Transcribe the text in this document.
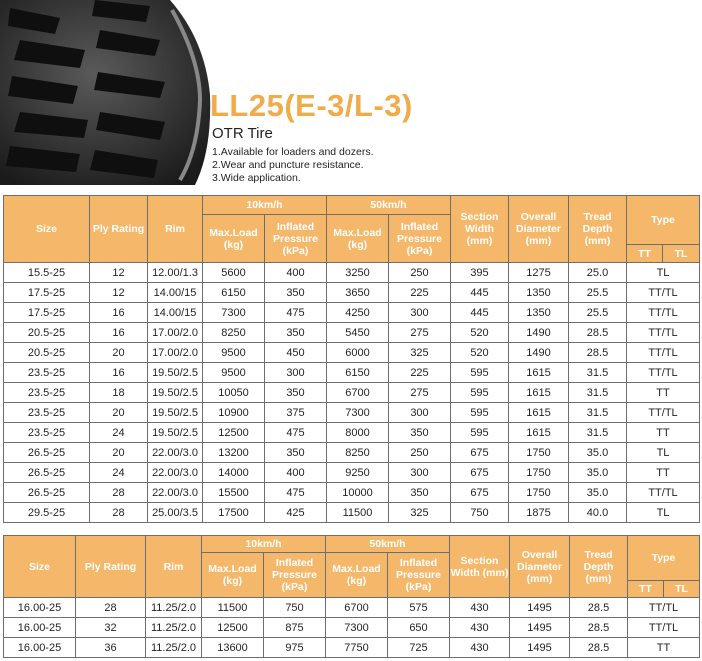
LL25(E-3/L-3)
OTR Tire
1.Available for loaders and dozers.
2.Wear and puncture resistance.
3.Wide application.
Size	Ply Rating	Rim	10km/h		50km/h		Section Width (mm)	Overall Diameter (mm)	Tread Depth (mm)	Type	
			Max.Load (kg)	Inflated Pressure (kPa)	Max.Load (kg)	Inflated Pressure (kPa)					
										TT	TL
15.5-25	12	12.00/1.3	5600	400	3250	250	395	1275	25.0	TL	
17.5-25	12	14.00/15	6150	350	3650	225	445	1350	25.5	TT/TL	
17.5-25	16	14.00/15	7300	475	4250	300	445	1350	25.5	TT/TL	
20.5-25	16	17.00/2.0	8250	350	5450	275	520	1490	28.5	TT/TL	
20.5-25	20	17.00/2.0	9500	450	6000	325	520	1490	28.5	TT/TL	
23.5-25	16	19.50/2.5	9500	300	6150	225	595	1615	31.5	TT/TL	
23.5-25	18	19.50/2.5	10050	350	6700	275	595	1615	31.5	TT	
23.5-25	20	19.50/2.5	10900	375	7300	300	595	1615	31.5	TT/TL	
23.5-25	24	19.50/2.5	12500	475	8000	350	595	1615	31.5	TT	
26.5-25	20	22.00/3.0	13200	350	8250	250	675	1750	35.0	TL	
26.5-25	24	22.00/3.0	14000	400	9250	300	675	1750	35.0	TT	
26.5-25	28	22.00/3.0	15500	475	10000	350	675	1750	35.0	TT/TL	
29.5-25	28	25.00/3.5	17500	425	11500	325	750	1875	40.0	TL	
Size	Ply Rating	Rim	10km/h		50km/h		Section Width (mm)	Overall Diameter (mm)	Tread Depth (mm)	Type	
			Max.Load (kg)	Inflated Pressure (kPa)	Max.Load (kg)	Inflated Pressure (kPa)					
										TT	TL
16.00-25	28	11.25/2.0	11500	750	6700	575	430	1495	28.5	TT/TL	
16.00-25	32	11.25/2.0	12500	875	7300	650	430	1495	28.5	TT/TL	
16.00-25	36	11.25/2.0	13600	975	7750	725	430	1495	28.5	TT	
